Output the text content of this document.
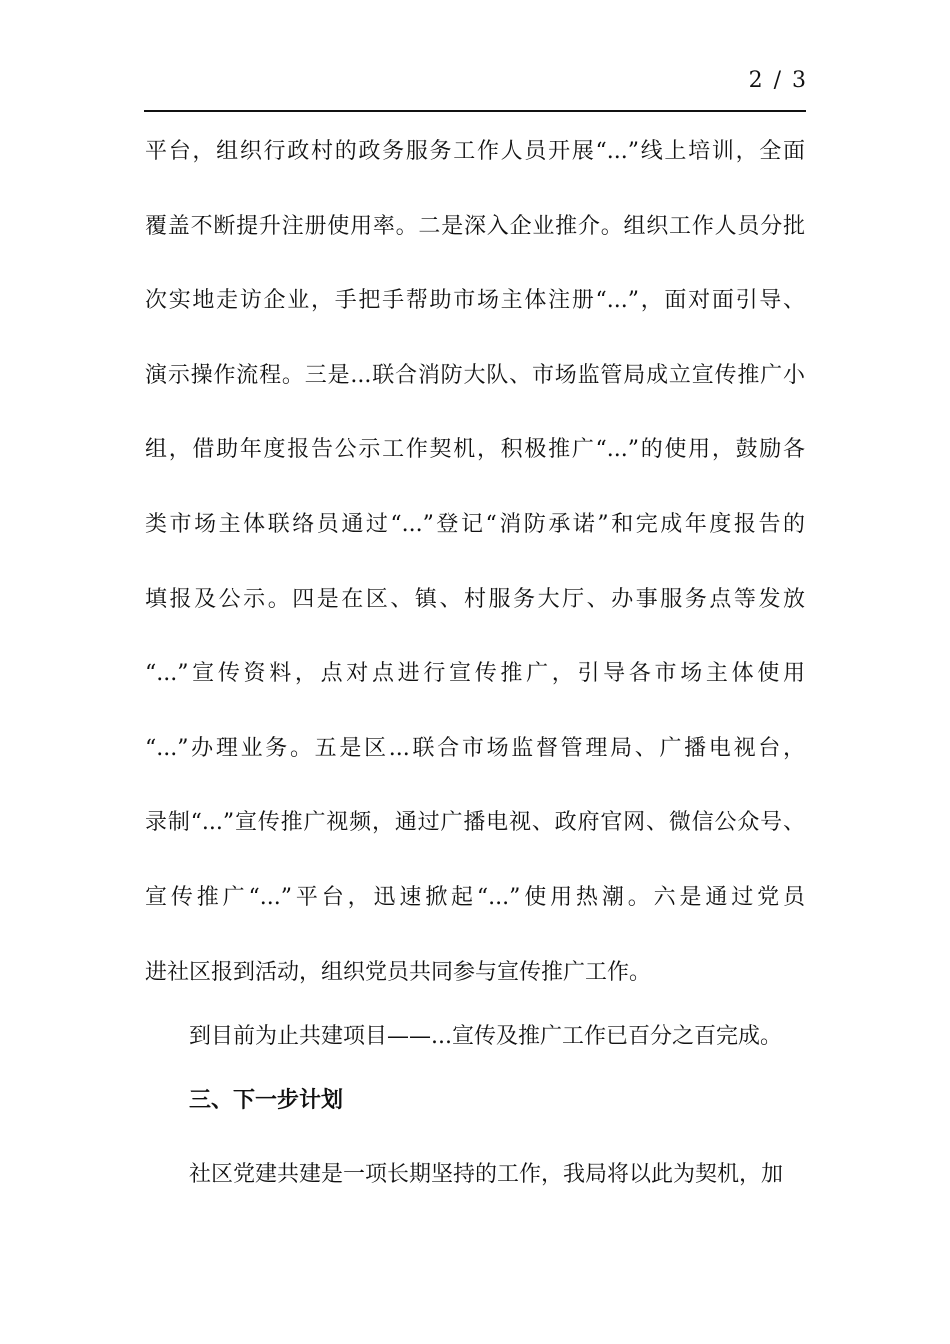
2 / 3
平台，组织行政村的政务服务工作人员开展“...”线上培训，全面
覆盖不断提升注册使用率。二是深入企业推介。组织工作人员分批
次实地走访企业，手把手帮助市场主体注册“...”，面对面引导、
演示操作流程。三是...联合消防大队、市场监管局成立宣传推广小
组，借助年度报告公示工作契机，积极推广“...”的使用，鼓励各
类市场主体联络员通过“...”登记“消防承诺”和完成年度报告的
填报及公示。四是在区、镇、村服务大厅、办事服务点等发放
“...”宣传资料，点对点进行宣传推广，引导各市场主体使用
“...”办理业务。五是区...联合市场监督管理局、广播电视台，
录制“...”宣传推广视频，通过广播电视、政府官网、微信公众号、
宣传推广“...”平台，迅速掀起“...”使用热潮。六是通过党员
进社区报到活动，组织党员共同参与宣传推广工作。
到目前为止共建项目——...宣传及推广工作已百分之百完成。
三、下一步计划
社区党建共建是一项长期坚持的工作，我局将以此为契机，加
